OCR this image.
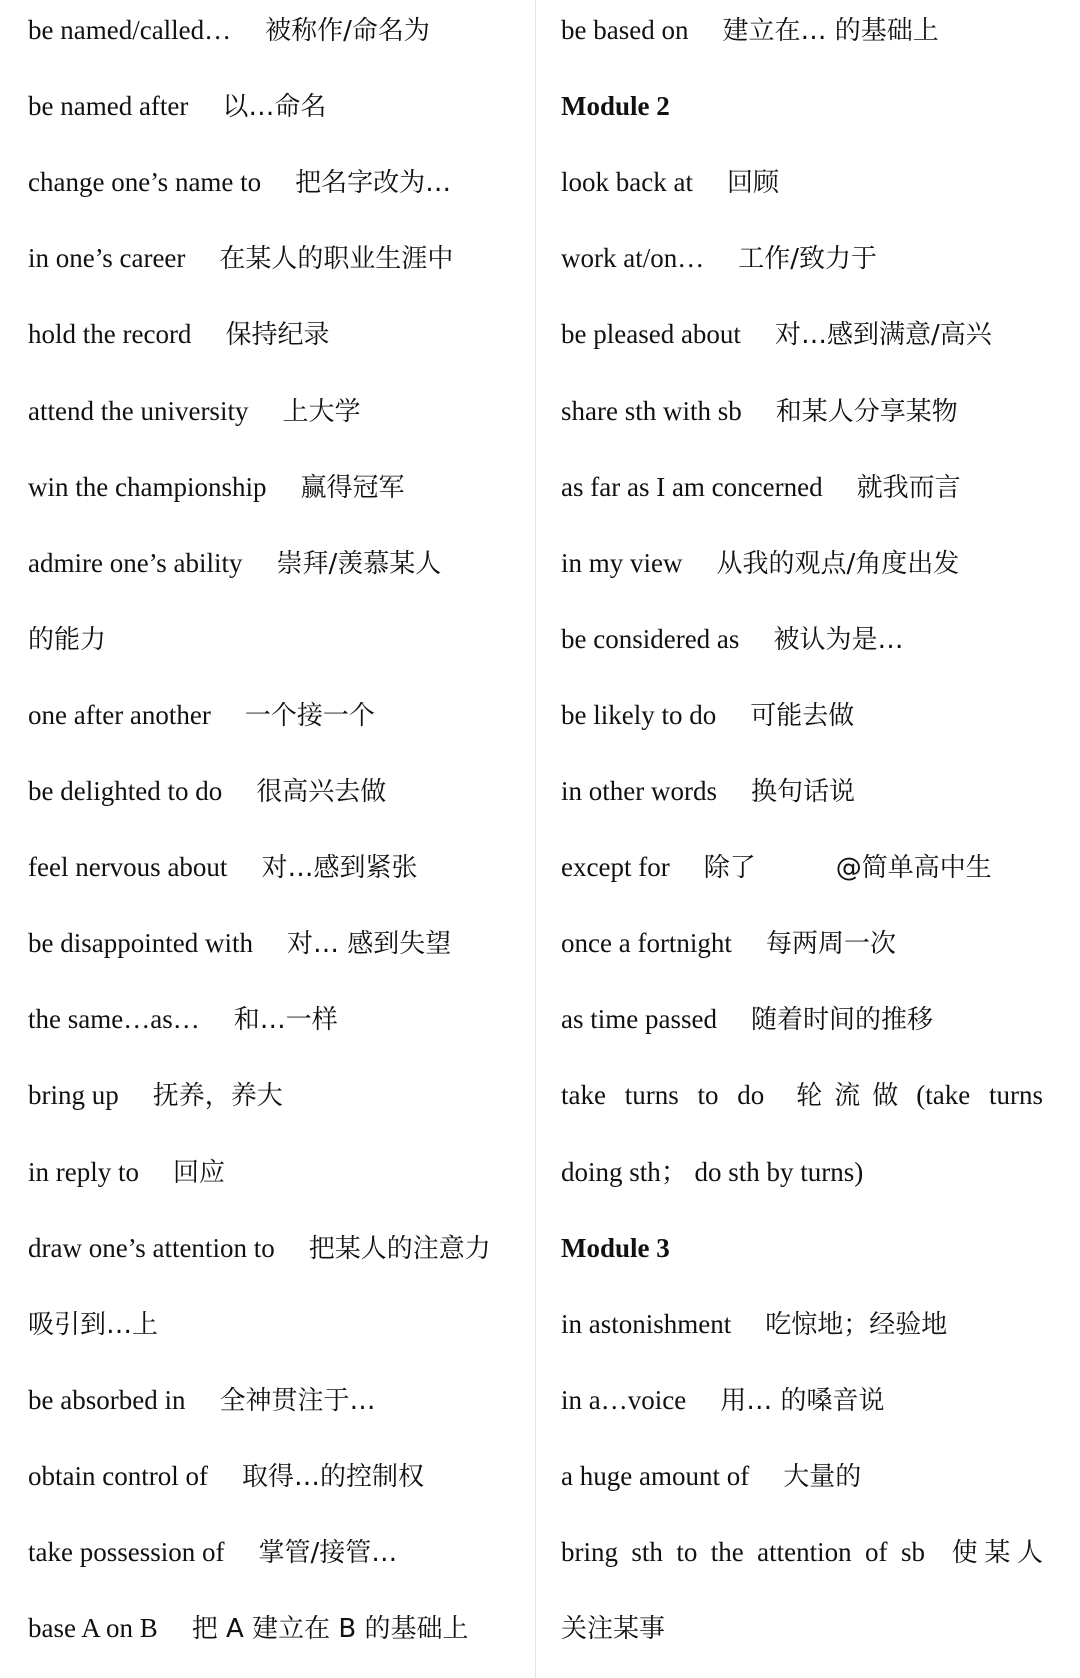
be named/called… 被称作/命名为
be named after 以…命名
change one’s name to 把名字改为…
in one’s career 在某人的职业生涯中
hold the record 保持纪录
attend the university 上大学
win the championship 赢得冠军
admire one’s ability 崇拜/羡慕某人
的能力
one after another 一个接一个
be delighted to do 很高兴去做
feel nervous about 对…感到紧张
be disappointed with 对… 感到失望
the same…as… 和…一样
bring up 抚养，养大
in reply to 回应
draw one’s attention to 把某人的注意力
吸引到…上
be absorbed in 全神贯注于…
obtain control of 取得…的控制权
take possession of 掌管/接管…
base A on B 把 A 建立在 B 的基础上
be based on 建立在… 的基础上
Module 2
look back at 回顾
work at/on… 工作/致力于
be pleased about 对…感到满意/高兴
share sth with sb 和某人分享某物
as far as I am concerned 就我而言
in my view 从我的观点/角度出发
be considered as 被认为是…
be likely to do 可能去做
in other words 换句话说
except for 除了	@简单高中生
once a fortnight 每两周一次
as time passed 随着时间的推移
take turns to do 轮流做 (take turns
doing sth； do sth by turns)
Module 3
in astonishment 吃惊地；经验地
in a…voice 用… 的嗓音说
a huge amount of 大量的
bring sth to the attention of sb 使某人
关注某事
